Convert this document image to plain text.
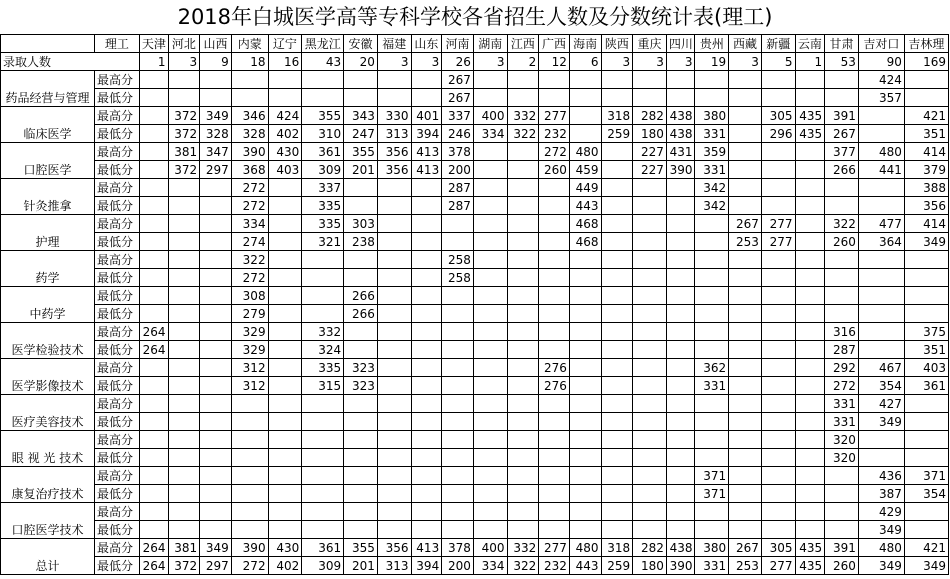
2018年白城医学高等专科学校各省招生人数及分数统计表(理工)
	理工	天津	河北	山西	内蒙	辽宁	黑龙江	安徽	福建	山东	河南	湖南	江西	广西	海南	陕西	重庆	四川	贵州	西藏	新疆	云南	甘肃	吉对口	吉林理
录取人数		1	3	9	18	16	43	20	3	3	26	3	2	12	6	3	3	3	19	3	5	1	53	90	169
药品经营与管理	最高分										267													424	
	最低分										267													357	
临床医学	最高分		372	349	346	424	355	343	330	401	337	400	332	277		318	282	438	380		305	435	391		421
	最低分		372	328	328	402	310	247	313	394	246	334	322	232		259	180	438	331		296	435	267		351
口腔医学	最高分		381	347	390	430	361	355	356	413	378			272	480		227	431	359				377	480	414
	最低分		372	297	368	403	309	201	356	413	200			260	459		227	390	331				266	441	379
针灸推拿	最高分				272		337				287				449				342						388
	最低分				272		335				287				443				342						356
护理	最高分				334		335	303							468					267	277		322	477	414
	最低分				274		321	238							468					253	277		260	364	349
药学	最高分				322						258														
	最低分				272						258														
中药学	最低分				308			266																	
	最低分				279			266																	
医学检验技术	最高分	264			329		332																316		375
	最低分	264			329		324																287		351
医学影像技术	最高分				312		335	323						276					362				292	467	403
	最低分				312		315	323						276					331				272	354	361
医疗美容技术	最高分																						331	427	
	最低分																						331	349	
眼 视 光 技术	最高分																						320		
	最低分																						320		
康复治疗技术	最高分																		371					436	371
	最低分																		371					387	354
口腔医学技术	最高分																							429	
	最低分																							349	
总计	最高分	264	381	349	390	430	361	355	356	413	378	400	332	277	480	318	282	438	380	267	305	435	391	480	421
	最低分	264	372	297	272	402	309	201	313	394	200	334	322	232	443	259	180	390	331	253	277	435	260	349	349
